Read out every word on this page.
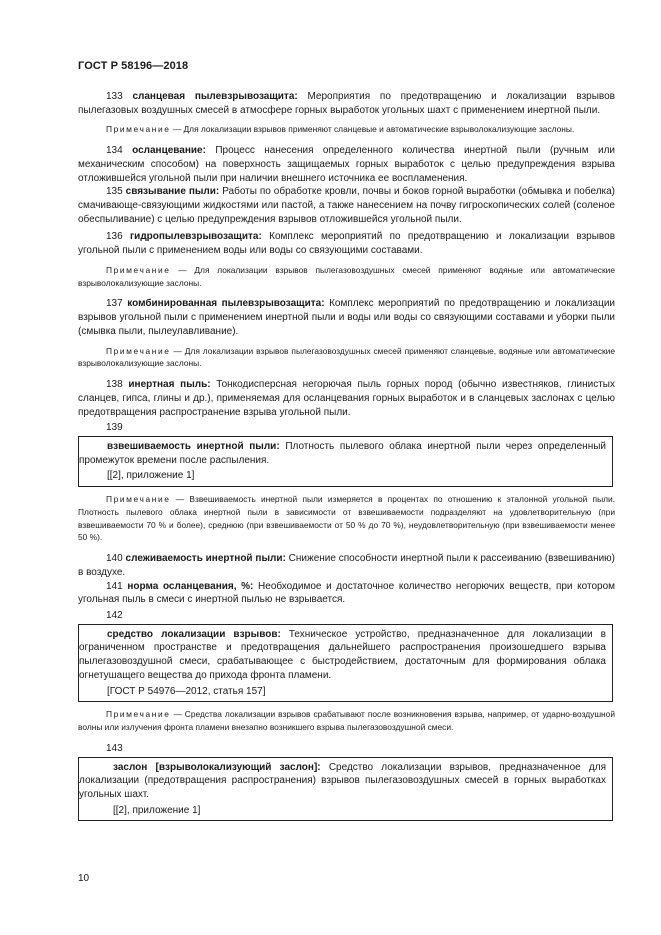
ГОСТ Р 58196—2018

133 сланцевая пылевзрывозащита: Мероприятия по предотвращению и локализации взрывов пылегазовых воздушных смесей в атмосфере горных выработок угольных шахт с применением инертной пыли.

Примечание — Для локализации взрывов применяют сланцевые и автоматические взрыволокализующие заслоны.

134 осланцевание: Процесс нанесения определенного количества инертной пыли (ручным или механическим способом) на поверхность защищаемых горных выработок с целью предупреждения взрыва отложившейся угольной пыли при наличии внешнего источника ее воспламенения.

135 связывание пыли: Работы по обработке кровли, почвы и боков горной выработки (обмывка и побелка) смачивающе-связующими жидкостями или пастой, а также нанесением на почву гигроскопических солей (соленое обеспыливание) с целью предупреждения взрывов отложившейся угольной пыли.

136 гидропылевзрывозащита: Комплекс мероприятий по предотвращению и локализации взрывов угольной пыли с применением воды или воды со связующими составами.

Примечание — Для локализации взрывов пылегазовоздушных смесей применяют водяные или автоматические взрыволокализующие заслоны.

137 комбинированная пылевзрывозащита: Комплекс мероприятий по предотвращению и локализации взрывов угольной пыли с применением инертной пыли и воды или воды со связующими составами и уборки пыли (смывка пыли, пылеулавливание).

Примечание — Для локализации взрывов пылегазовоздушных смесей применяют сланцевые, водяные или автоматические взрыволокализующие заслоны.

138 инертная пыль: Тонкодисперсная негорючая пыль горных пород (обычно известняков, глинистых сланцев, гипса, глины и др.), применяемая для осланцевания горных выработок и в сланцевых заслонах с целью предотвращения распространение взрыва угольной пыли.

139

взвешиваемость инертной пыли: Плотность пылевого облака инертной пыли через определенный промежуток времени после распыления.

[[2], приложение 1]

Примечание — Взвешиваемость инертной пыли измеряется в процентах по отношению к эталонной угольной пыли. Плотность пылевого облака инертной пыли в зависимости от взвешиваемости подразделяют на удовлетворительную (при взвешиваемости 70 % и более), среднюю (при взвешиваемости от 50 % до 70 %), неудовлетворительную (при взвешиваемости менее 50 %).

140 слеживаемость инертной пыли: Снижение способности инертной пыли к рассеиванию (взвешиванию) в воздухе.

141 норма осланцевания, %: Необходимое и достаточное количество негорючих веществ, при котором угольная пыль в смеси с инертной пылью не взрывается.

142

средство локализации взрывов: Техническое устройство, предназначенное для локализации в ограниченном пространстве и предотвращения дальнейшего распространения произошедшего взрыва пылегазовоздушной смеси, срабатывающее с быстродействием, достаточным для формирования облака огнетушащего вещества до прихода фронта пламени.

[ГОСТ Р 54976—2012, статья 157]

Примечание — Средства локализации взрывов срабатывают после возникновения взрыва, например, от ударно-воздушной волны или излучения фронта пламени внезапно возникшего взрыва пылегазовоздушной смеси.

143

заслон [взрыволокализующий заслон]: Средство локализации взрывов, предназначенное для локализации (предотвращения распространения) взрывов пылегазовоздушных смесей в горных выработках угольных шахт.

[[2], приложение 1]
10
